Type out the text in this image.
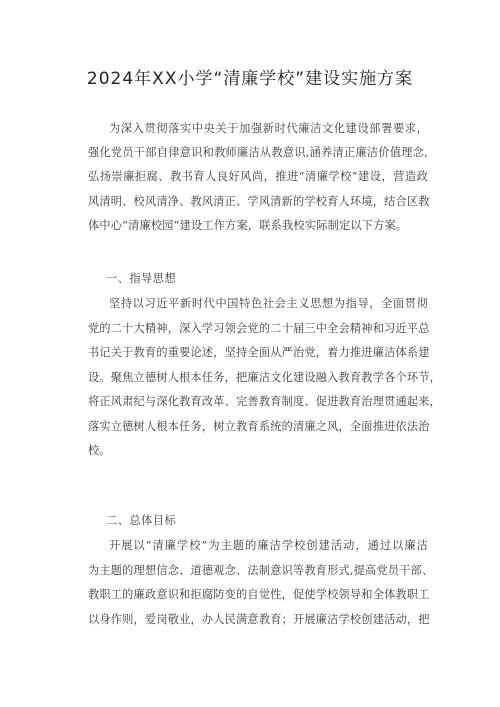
2024年XX小学“清廉学校”建设实施方案
为深入贯彻落实中央关于加强新时代廉洁文化建设部署要求，
强化党员干部自律意识和教师廉洁从教意识,涵养清正廉洁价值理念,
弘扬崇廉拒腐、教书育人良好风尚，推进“清廉学校”建设，营造政
风清明、校风清净、教风清正、学风清新的学校育人环境，结合区教
体中心“清廉校园”建设工作方案，联系我校实际制定以下方案。
一、指导思想
坚持以习近平新时代中国特色社会主义思想为指导，全面贯彻
党的二十大精神，深入学习领会党的二十届三中全会精神和习近平总
书记关于教育的重要论述，坚持全面从严治党，着力推进廉洁体系建
设。聚焦立德树人根本任务，把廉洁文化建设融入教育教学各个环节，
将正风肃纪与深化教育改革、完善教育制度、促进教育治理贯通起来，
落实立德树人根本任务，树立教育系统的清廉之风，全面推进依法治
校。
二、总体目标
开展以“清廉学校”为主题的廉洁学校创建活动，通过以廉洁
为主题的理想信念、道德观念、法制意识等教育形式,提高党员干部、
教职工的廉政意识和拒腐防变的自觉性，促使学校领导和全体教职工
以身作则，爱岗敬业，办人民满意教育；开展廉洁学校创建活动，把
